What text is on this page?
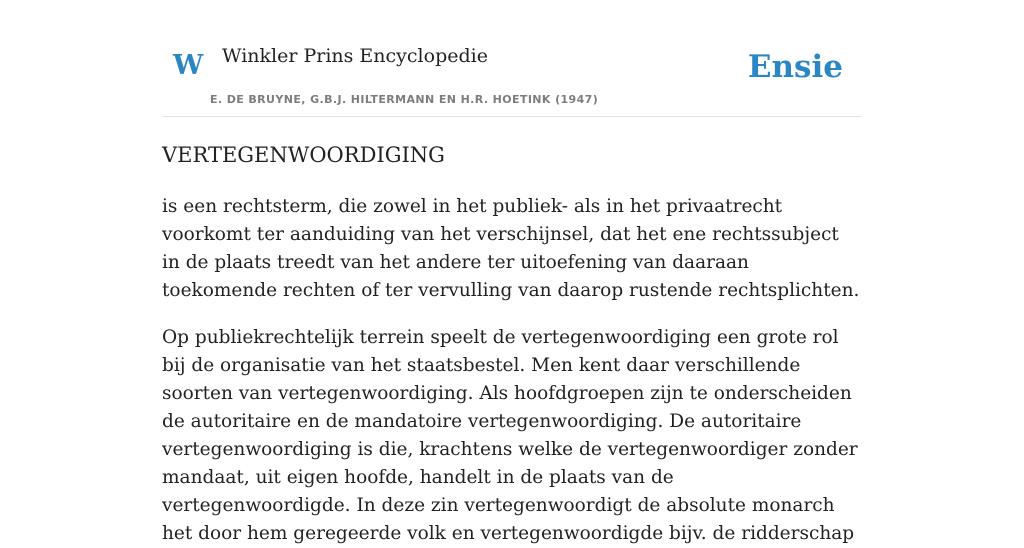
W Winkler Prins Encyclopedie
E. DE BRUYNE, G.B.J. HILTERMANN EN H.R. HOETINK (1947)
Ensie
VERTEGENWOORDIGING

is een rechtsterm, die zowel in het publiek- als in het privaatrecht voorkomt ter aanduiding van het verschijnsel, dat het ene rechtssubject in de plaats treedt van het andere ter uitoefening van daaraan toekomende rechten of ter vervulling van daarop rustende rechtsplichten.

Op publiekrechtelijk terrein speelt de vertegenwoordiging een grote rol bij de organisatie van het staatsbestel. Men kent daar verschillende soorten van vertegenwoordiging. Als hoofdgroepen zijn te onderscheiden de autoritaire en de mandatoire vertegenwoordiging. De autoritaire vertegenwoordiging is die, krachtens welke de vertegenwoordiger zonder mandaat, uit eigen hoofde, handelt in de plaats van de vertegenwoordigde. In deze zin vertegenwoordigt de absolute monarch het door hem geregeerde volk en vertegenwoordigde bijv. de ridderschap
